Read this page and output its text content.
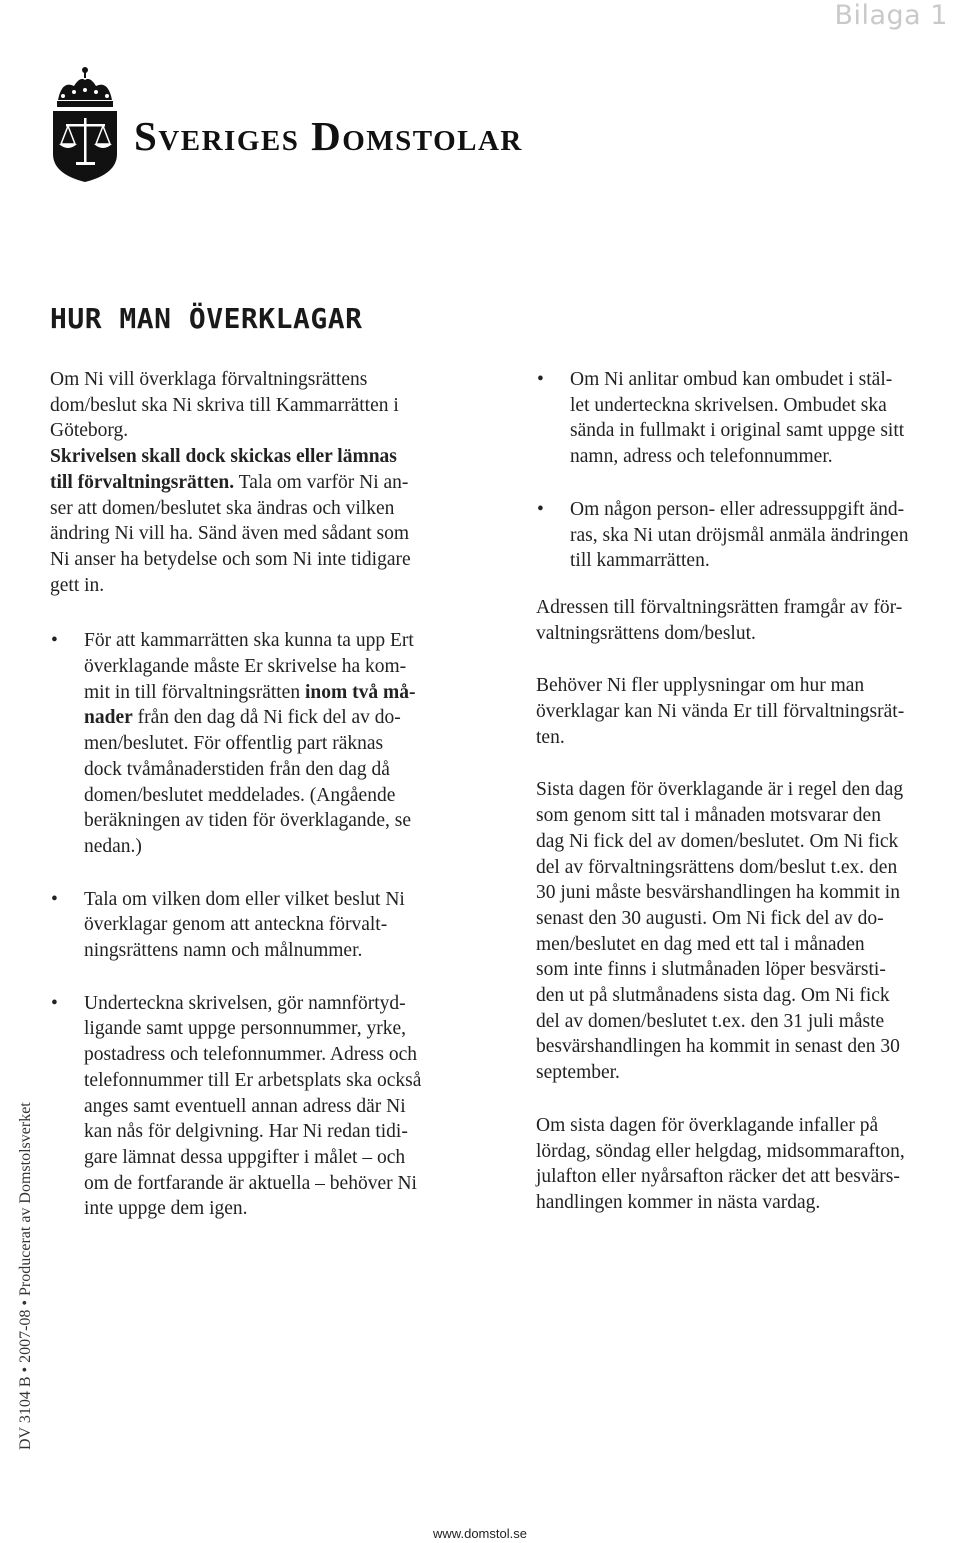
Bilaga 1
Sveriges Domstolar
HUR MAN ÖVERKLAGAR

Om Ni vill överklaga förvaltningsrättens
dom/beslut ska Ni skriva till Kammarrätten i
Göteborg.
Skrivelsen skall dock skickas eller lämnas
till förvaltningsrätten. Tala om varför Ni an-
ser att domen/beslutet ska ändras och vilken
ändring Ni vill ha. Sänd även med sådant som
Ni anser ha betydelse och som Ni inte tidigare
gett in.

• För att kammarrätten ska kunna ta upp Ert
överklagande måste Er skrivelse ha kom-
mit in till förvaltningsrätten inom två må-
nader från den dag då Ni fick del av do-
men/beslutet. För offentlig part räknas
dock tvåmånaderstiden från den dag då
domen/beslutet meddelades. (Angående
beräkningen av tiden för överklagande, se
nedan.)
• Tala om vilken dom eller vilket beslut Ni
överklagar genom att anteckna förvalt-
ningsrättens namn och målnummer.
• Underteckna skrivelsen, gör namnförtyd-
ligande samt uppge personnummer, yrke,
postadress och telefonnummer. Adress och
telefonnummer till Er arbetsplats ska också
anges samt eventuell annan adress där Ni
kan nås för delgivning. Har Ni redan tidi-
gare lämnat dessa uppgifter i målet – och
om de fortfarande är aktuella – behöver Ni
inte uppge dem igen.
• Om Ni anlitar ombud kan ombudet i stäl-
let underteckna skrivelsen. Ombudet ska
sända in fullmakt i original samt uppge sitt
namn, adress och telefonnummer.
• Om någon person- eller adressuppgift änd-
ras, ska Ni utan dröjsmål anmäla ändringen
till kammarrätten.

Adressen till förvaltningsrätten framgår av för-
valtningsrättens dom/beslut.

Behöver Ni fler upplysningar om hur man
överklagar kan Ni vända Er till förvaltningsrät-
ten.

Sista dagen för överklagande är i regel den dag
som genom sitt tal i månaden motsvarar den
dag Ni fick del av domen/beslutet. Om Ni fick
del av förvaltningsrättens dom/beslut t.ex. den
30 juni måste besvärshandlingen ha kommit in
senast den 30 augusti. Om Ni fick del av do-
men/beslutet en dag med ett tal i månaden
som inte finns i slutmånaden löper besvärsti-
den ut på slutmånadens sista dag. Om Ni fick
del av domen/beslutet t.ex. den 31 juli måste
besvärshandlingen ha kommit in senast den 30
september.

Om sista dagen för överklagande infaller på
lördag, söndag eller helgdag, midsommarafton,
julafton eller nyårsafton räcker det att besvärs-
handlingen kommer in nästa vardag.

DV 3104 B • 2007-08 • Producerat av Domstolsverket
www.domstol.se
